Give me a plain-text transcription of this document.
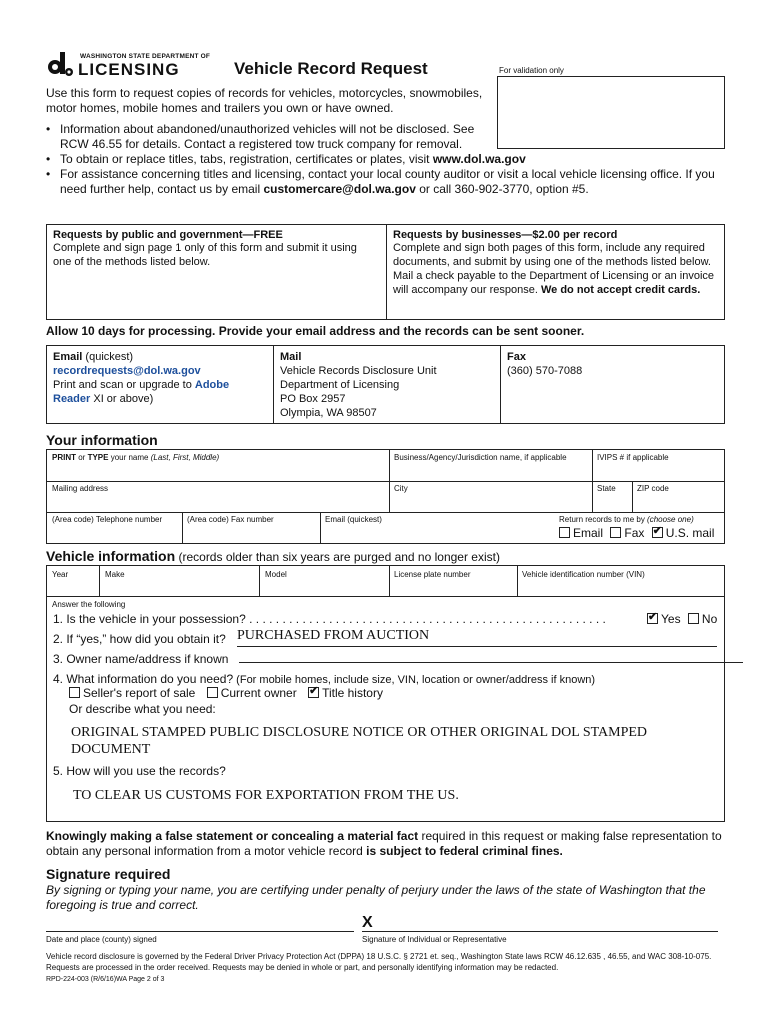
WASHINGTON STATE DEPARTMENT OF
LICENSING	Vehicle Record Request	For validation only
Use this form to request copies of records for vehicles, motorcycles, snowmobiles, motor homes, mobile homes and trailers you own or have owned.
• Information about abandoned/unauthorized vehicles will not be disclosed. See RCW 46.55 for details. Contact a registered tow truck company for removal.
• To obtain or replace titles, tabs, registration, certificates or plates, visit www.dol.wa.gov
• For assistance concerning titles and licensing, contact your local county auditor or visit a local vehicle licensing office. If you need further help, contact us by email customercare@dol.wa.gov or call 360-902-3770, option #5.
Requests by public and government—FREE
Complete and sign page 1 only of this form and submit it using one of the methods listed below.
Requests by businesses—$2.00 per record
Complete and sign both pages of this form, include any required documents, and submit by using one of the methods listed below. Mail a check payable to the Department of Licensing or an invoice will accompany our response. We do not accept credit cards.
Allow 10 days for processing. Provide your email address and the records can be sent sooner.
Email (quickest)
recordrequests@dol.wa.gov
Print and scan or upgrade to Adobe Reader XI or above)
Mail
Vehicle Records Disclosure Unit
Department of Licensing
PO Box 2957
Olympia, WA 98507
Fax
(360) 570-7088
Your information
PRINT or TYPE your name (Last, First, Middle)	Business/Agency/Jurisdiction name, if applicable	IVIPS # if applicable
Mailing address	City	State	ZIP code
(Area code) Telephone number	(Area code) Fax number	Email (quickest)	Return records to me by (choose one)
Email Fax ✔ U.S. mail
Vehicle information (records older than six years are purged and no longer exist)
Year	Make	Model	License plate number	Vehicle identification number (VIN)
Answer the following
1. Is the vehicle in your possession? . . . . . . . . . . . . . . . . . . . . . . . . . . . . . . . . . . . . . . . . . . . . . . . . . . . . . . ✔	Yes No
2. If “yes,” how did you obtain it? PURCHASED FROM AUCTION
3. Owner name/address if known
4. What information do you need? (For mobile homes, include size, VIN, location or owner/address if known)
Seller's report of sale Current owner ✔ Title history
Or describe what you need:
ORIGINAL STAMPED PUBLIC DISCLOSURE NOTICE OR OTHER ORIGINAL DOL STAMPED DOCUMENT
5. How will you use the records?
TO CLEAR US CUSTOMS FOR EXPORTATION FROM THE US.
Knowingly making a false statement or concealing a material fact required in this request or making false representation to obtain any personal information from a motor vehicle record is subject to federal criminal fines.
Signature required
By signing or typing your name, you are certifying under penalty of perjury under the laws of the state of Washington that the foregoing is true and correct.
X
Date and place (county) signed	Signature of Individual or Representative
Vehicle record disclosure is governed by the Federal Driver Privacy Protection Act (DPPA) 18 U.S.C. § 2721 et. seq., Washington State laws RCW 46.12.635 , 46.55, and WAC 308-10-075. Requests are processed in the order received. Requests may be denied in whole or part, and personally identifying information may be redacted.
RPD-224-003 (R/6/16)WA Page 2 of 3
